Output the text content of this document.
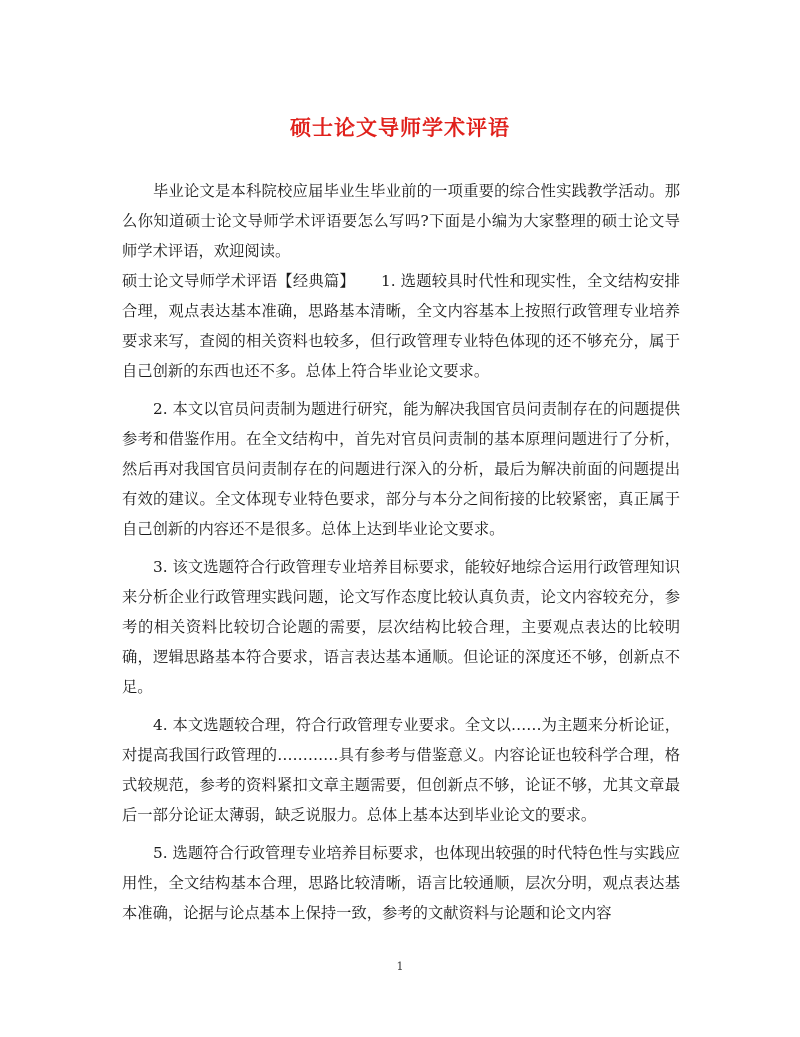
硕士论文导师学术评语

毕业论文是本科院校应届毕业生毕业前的一项重要的综合性实践教学活动。那么你知道硕士论文导师学术评语要怎么写吗?下面是小编为大家整理的硕士论文导师学术评语，欢迎阅读。

硕士论文导师学术评语【经典篇】 1. 选题较具时代性和现实性，全文结构安排合理，观点表达基本准确，思路基本清晰，全文内容基本上按照行政管理专业培养要求来写，查阅的相关资料也较多，但行政管理专业特色体现的还不够充分，属于自己创新的东西也还不多。总体上符合毕业论文要求。

2. 本文以官员问责制为题进行研究，能为解决我国官员问责制存在的问题提供参考和借鉴作用。在全文结构中，首先对官员问责制的基本原理问题进行了分析，然后再对我国官员问责制存在的问题进行深入的分析，最后为解决前面的问题提出有效的建议。全文体现专业特色要求，部分与本分之间衔接的比较紧密，真正属于自己创新的内容还不是很多。总体上达到毕业论文要求。

3. 该文选题符合行政管理专业培养目标要求，能较好地综合运用行政管理知识来分析企业行政管理实践问题，论文写作态度比较认真负责，论文内容较充分，参考的相关资料比较切合论题的需要，层次结构比较合理，主要观点表达的比较明确，逻辑思路基本符合要求，语言表达基本通顺。但论证的深度还不够，创新点不足。

4. 本文选题较合理，符合行政管理专业要求。全文以……为主题来分析论证，对提高我国行政管理的…………具有参考与借鉴意义。内容论证也较科学合理，格式较规范，参考的资料紧扣文章主题需要，但创新点不够，论证不够，尤其文章最后一部分论证太薄弱，缺乏说服力。总体上基本达到毕业论文的要求。

5. 选题符合行政管理专业培养目标要求，也体现出较强的时代特色性与实践应用性，全文结构基本合理，思路比较清晰，语言比较通顺，层次分明，观点表达基本准确，论据与论点基本上保持一致，参考的文献资料与论题和论文内容

1
